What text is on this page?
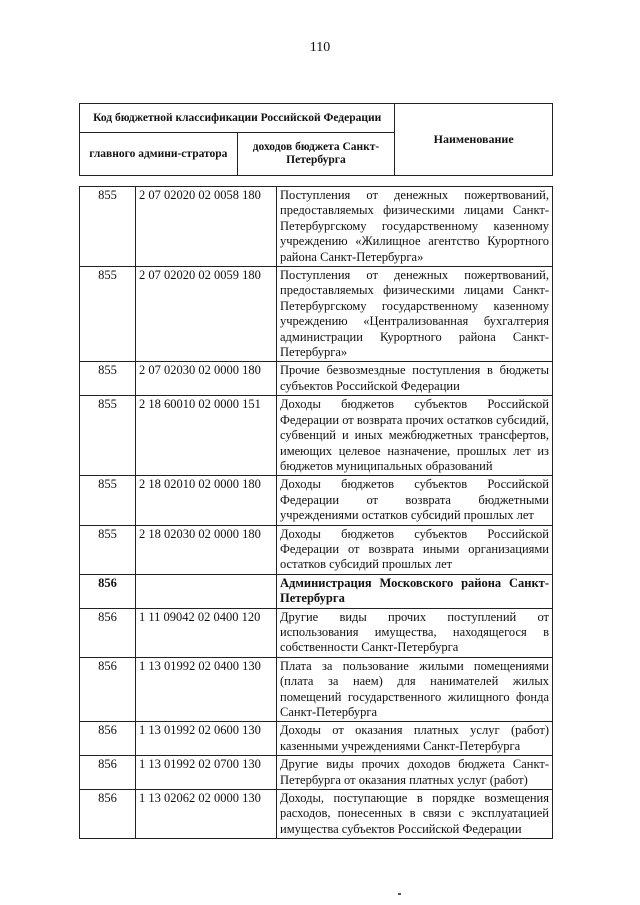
110
Код бюджетной классификации Российской Федерации		Наименование
главного админи-стратора	доходов бюджета Санкт-Петербурга	
855	2 07 02020 02 0058 180	Поступления от денежных пожертвований, предоставляемых физическими лицами Санкт-Петербургскому государственному казенному учреждению «Жилищное агентство Курортного района Санкт-Петербурга»
855	2 07 02020 02 0059 180	Поступления от денежных пожертвований, предоставляемых физическими лицами Санкт-Петербургскому государственному казенному учреждению «Централизованная бухгалтерия администрации Курортного района Санкт-Петербурга»
855	2 07 02030 02 0000 180	Прочие безвозмездные поступления в бюджеты субъектов Российской Федерации
855	2 18 60010 02 0000 151	Доходы бюджетов субъектов Российской Федерации от возврата прочих остатков субсидий, субвенций и иных межбюджетных трансфертов, имеющих целевое назначение, прошлых лет из бюджетов муниципальных образований
855	2 18 02010 02 0000 180	Доходы бюджетов субъектов Российской Федерации от возврата бюджетными учреждениями остатков субсидий прошлых лет
855	2 18 02030 02 0000 180	Доходы бюджетов субъектов Российской Федерации от возврата иными организациями остатков субсидий прошлых лет
856		Администрация Московского района Санкт-Петербурга
856	1 11 09042 02 0400 120	Другие виды прочих поступлений от использования имущества, находящегося в собственности Санкт-Петербурга
856	1 13 01992 02 0400 130	Плата за пользование жилыми помещениями (плата за наем) для нанимателей жилых помещений государственного жилищного фонда Санкт-Петербурга
856	1 13 01992 02 0600 130	Доходы от оказания платных услуг (работ) казенными учреждениями Санкт-Петербурга
856	1 13 01992 02 0700 130	Другие виды прочих доходов бюджета Санкт-Петербурга от оказания платных услуг (работ)
856	1 13 02062 02 0000 130	Доходы, поступающие в порядке возмещения расходов, понесенных в связи с эксплуатацией имущества субъектов Российской Федерации
